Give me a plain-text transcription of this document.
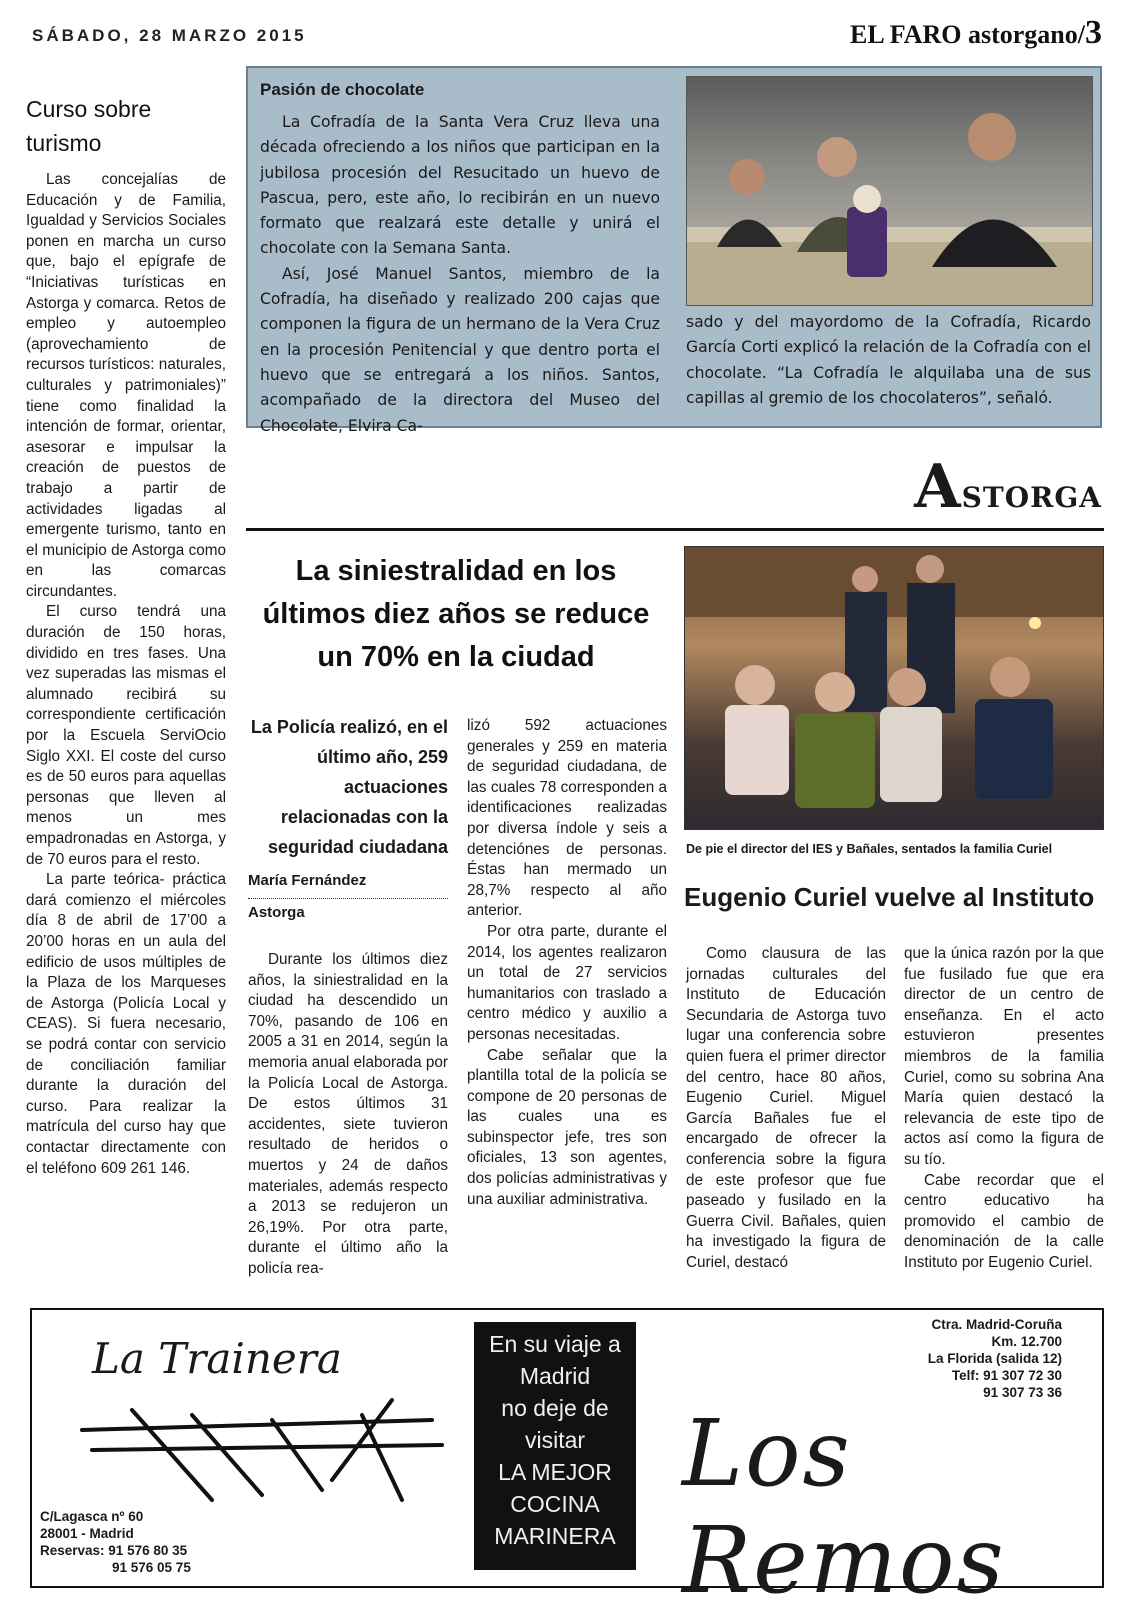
SÁBADO, 28 MARZO 2015	EL FARO astorgano/3
Curso sobre
turismo

Las concejalías de Educación y de Familia, Igualdad y Servicios Sociales ponen en marcha un curso que, bajo el epígrafe de “Iniciativas turísticas en Astorga y comarca. Retos de empleo y autoempleo (aprovechamiento de recursos turísticos: naturales, culturales y patrimoniales)” tiene como finalidad la intención de formar, orientar, asesorar e impulsar la creación de puestos de trabajo a partir de actividades ligadas al emergente turismo, tanto en el municipio de Astorga como en las comarcas circundantes.

El curso tendrá una duración de 150 horas, dividido en tres fases. Una vez superadas las mismas el alumnado recibirá su correspondiente certificación por la Escuela ServiOcio Siglo XXI. El coste del curso es de 50 euros para aquellas personas que lleven al menos un mes empadronadas en Astorga, y de 70 euros para el resto.

La parte teórica- práctica dará comienzo el miércoles día 8 de abril de 17’00 a 20’00 horas en un aula del edificio de usos múltiples de la Plaza de los Marqueses de Astorga (Policía Local y CEAS). Si fuera necesario, se podrá contar con servicio de conciliación familiar durante la duración del curso. Para realizar la matrícula del curso hay que contactar directamente con el teléfono 609 261 146.

Pasión de chocolate

La Cofradía de la Santa Vera Cruz lleva una década ofreciendo a los niños que participan en la jubilosa procesión del Resucitado un huevo de Pascua, pero, este año, lo recibirán en un nuevo formato que realzará este detalle y unirá el chocolate con la Semana Santa.

Así, José Manuel Santos, miembro de la Cofradía, ha diseñado y realizado 200 cajas que componen la figura de un hermano de la Vera Cruz en la procesión Penitencial y que dentro porta el huevo que se entregará a los niños. Santos, acompañado de la directora del Museo del Chocolate, Elvira Ca-

sado y del mayordomo de la Cofradía, Ricardo García Corti explicó la relación de la Cofradía con el chocolate. “La Cofradía le alquilaba una de sus capillas al gremio de los chocolateros”, señaló.
ASTORGA
La siniestralidad en los últimos diez años se reduce un 70% en la ciudad
La Policía realizó, en el último año, 259 actuaciones relacionadas con la seguridad ciudadana
María Fernández
Astorga

Durante los últimos diez años, la siniestralidad en la ciudad ha descendido un 70%, pasando de 106 en 2005 a 31 en 2014, según la memoria anual elaborada por la Policía Local de Astorga. De estos últimos 31 accidentes, siete tuvieron resultado de heridos o muertos y 24 de daños materiales, además respecto a 2013 se redujeron un 26,19%. Por otra parte, durante el último año la policía rea-

lizó 592 actuaciones generales y 259 en materia de seguridad ciudadana, de las cuales 78 corresponden a identificaciones realizadas por diversa índole y seis a detenciónes de personas. Éstas han mermado un 28,7% respecto al año anterior.

Por otra parte, durante el 2014, los agentes realizaron un total de 27 servicios humanitarios con traslado a centro médico y auxilio a personas necesitadas.

Cabe señalar que la plantilla total de la policía se compone de 20 personas de las cuales una es subinspector jefe, tres son oficiales, 13 son agentes, dos policías administrativas y una auxiliar administrativa.

De pie el director del IES y Bañales, sentados la familia Curiel
Eugenio Curiel vuelve al Instituto

Como clausura de las jornadas culturales del Instituto de Educación Secundaria de Astorga tuvo lugar una conferencia sobre quien fuera el primer director del centro, hace 80 años, Eugenio Curiel. Miguel García Bañales fue el encargado de ofrecer la conferencia sobre la figura de este profesor que fue paseado y fusilado en la Guerra Civil. Bañales, quien ha investigado la figura de Curiel, destacó

que la única razón por la que fue fusilado fue que era director de un centro de enseñanza. En el acto estuvieron presentes miembros de la familia Curiel, como su sobrina Ana María quien destacó la relevancia de este tipo de actos así como la figura de su tío.

Cabe recordar que el centro educativo ha promovido el cambio de denominación de la calle Instituto por Eugenio Curiel.

La Trainera
C/Lagasca nº 60
28001 - Madrid
Reservas: 91 576 80 35
91 576 05 75
En su viaje a
Madrid
no deje de
visitar
LA MEJOR
COCINA
MARINERA
Ctra. Madrid-Coruña
Km. 12.700
La Florida (salida 12)
Telf: 91 307 72 30
91 307 73 36
Los Remos
